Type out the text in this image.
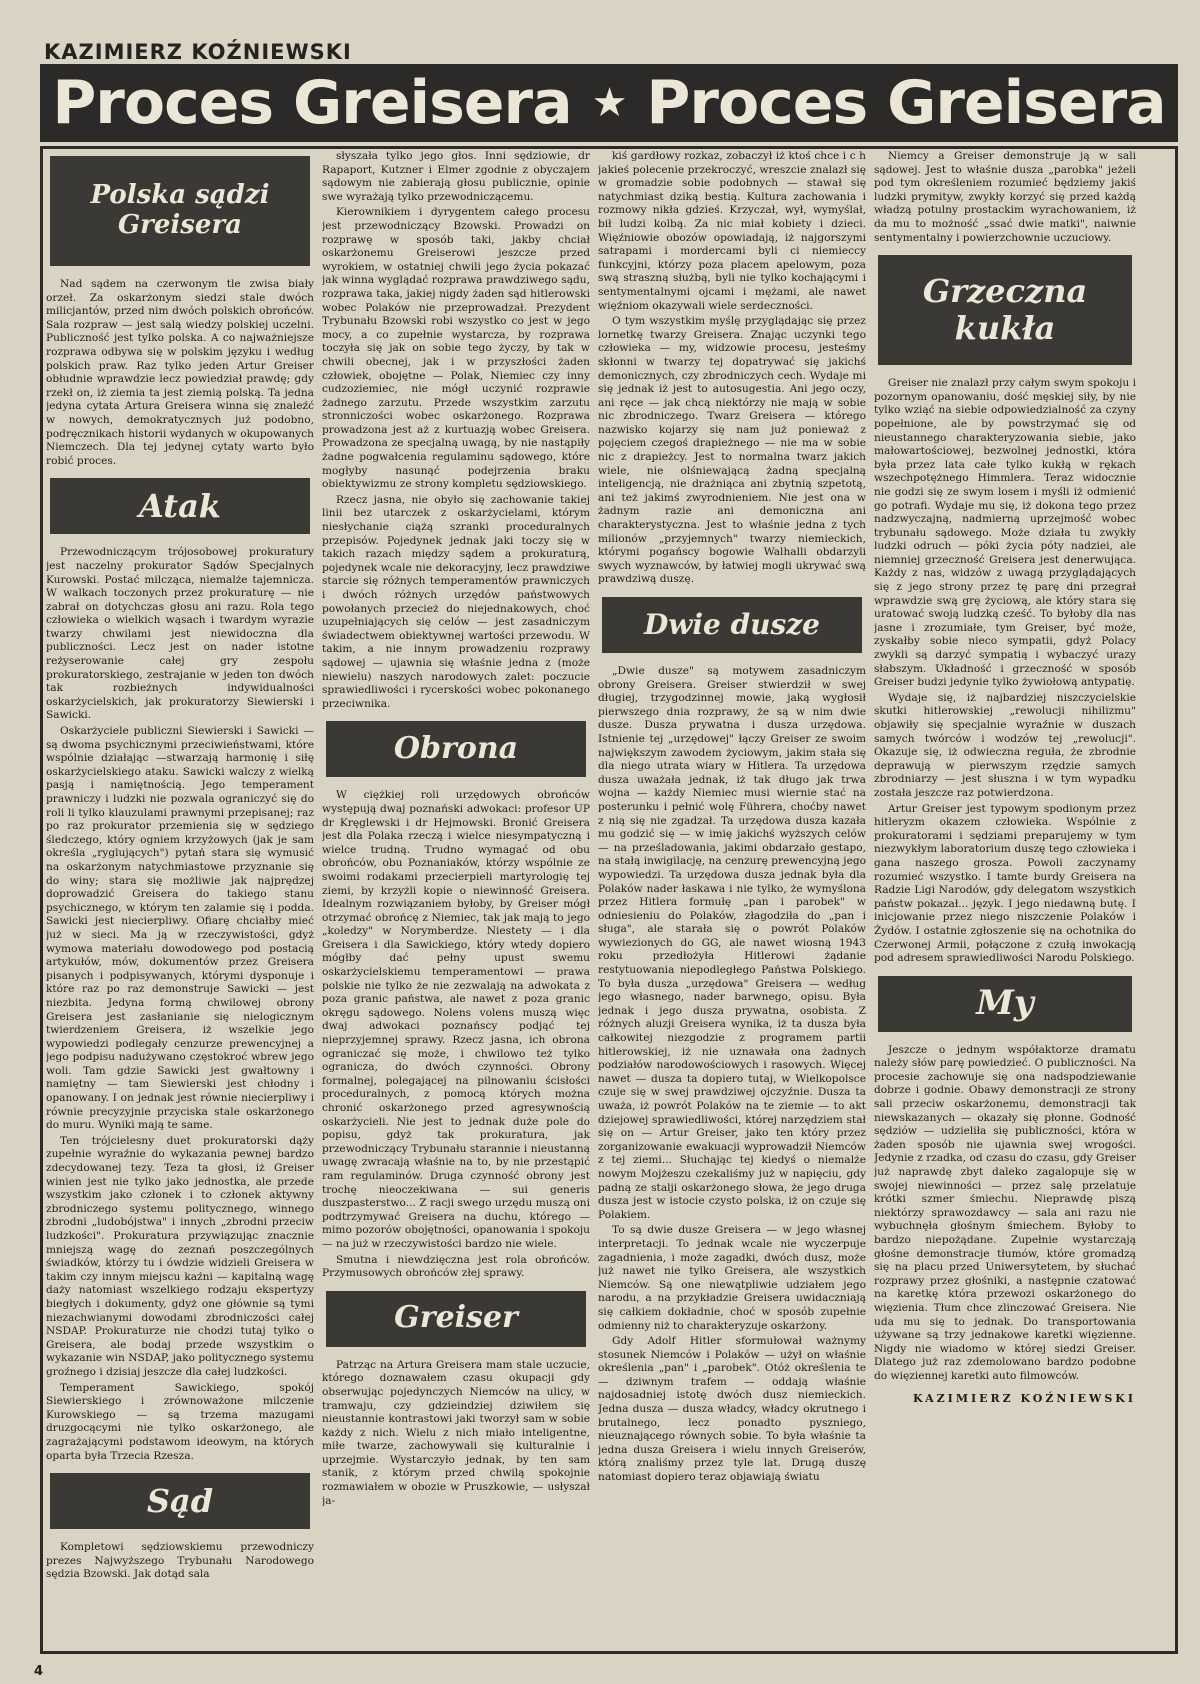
KAZIMIERZ KOŹNIEWSKI
Proces Greisera ★ Proces Greisera
Polska sądzi
Greisera

Nad sądem na czerwonym tle zwisa biały orzeł. Za oskarżonym siedzi stale dwóch milicjantów, przed nim dwóch polskich obrońców. Sala rozpraw — jest salą wiedzy polskiej uczelni. Publiczność jest tylko polska. A co najważniejsze rozprawa odbywa się w polskim języku i według polskich praw. Raz tylko jeden Artur Greiser obłudnie wprawdzie lecz powiedział prawdę; gdy rzekł on, iż ziemia ta jest ziemią polską. Ta jedna jedyna cytata Artura Greisera winna się znaleźć w nowych, demokratycznych już podobno, podręcznikach historii wydanych w okupowanych Niemczech. Dla tej jedynej cytaty warto było robić proces.

Atak

Przewodniczącym trójosobowej prokuratury jest naczelny prokurator Sądów Specjalnych Kurowski. Postać milcząca, niemalże tajemnicza. W walkach toczonych przez prokuraturę — nie zabrał on dotychczas głosu ani razu. Rola tego człowieka o wielkich wąsach i twardym wyrazie twarzy chwilami jest niewidoczna dla publiczności. Lecz jest on nader istotne reżyserowanie całej gry zespołu prokuratorskiego, zestrajanie w jeden ton dwóch tak rozbieżnych indywidualności oskarżycielskich, jak prokuratorzy Siewierski i Sawicki.

Oskarżyciele publiczni Siewierski i Sawicki — są dwoma psychicznymi przeciwieństwami, które wspólnie działając —stwarzają harmonię i siłę oskarżycielskiego ataku. Sawicki walczy z wielką pasją i namiętnością. Jego temperament prawniczy i ludzki nie pozwala ograniczyć się do roli li tylko klauzulami prawnymi przepisanej; raz po raz prokurator przemienia się w sędziego śledczego, który ogniem krzyżowych (jak je sam określa „ryglujących") pytań stara się wymusić na oskarżonym natychmiastowe przyznanie się do winy; stara się możliwie jak najprędzej doprowadzić Greisera do takiego stanu psychicznego, w którym ten zalamie się i podda. Sawicki jest niecierpliwy. Ofiarę chciałby mieć już w sieci. Ma ją w rzeczywistości, gdyż wymowa materiału dowodowego pod postacią artykułów, mów, dokumentów przez Greisera pisanych i podpisywanych, którymi dysponuje i które raz po raz demonstruje Sawicki — jest niezbita. Jedyna formą chwilowej obrony Greisera jest zasłanianie się nielogicznym twierdzeniem Greisera, iż wszelkie jego wypowiedzi podlegały cenzurze prewencyjnej a jego podpisu nadużywano częstokroć wbrew jego woli. Tam gdzie Sawicki jest gwałtowny i namiętny — tam Siewierski jest chłodny i opanowany. I on jednak jest równie niecierpliwy i równie precyzyjnie przyciska stale oskarżonego do muru. Wyniki mają te same.

Ten trójcielesny duet prokuratorski dąży zupełnie wyraźnie do wykazania pewnej bardzo zdecydowanej tezy. Teza ta głosi, iż Greiser winien jest nie tylko jako jednostka, ale przede wszystkim jako członek i to członek aktywny zbrodniczego systemu politycznego, winnego zbrodni „ludobójstwa" i innych „zbrodni przeciw ludzkości". Prokuratura przywiązując znacznie mniejszą wagę do zeznań poszczególnych świadków, którzy tu i ówdzie widzieli Greisera w takim czy innym miejscu kaźni — kapitalną wagę daży natomiast wszelkiego rodzaju ekspertyzy biegłych i dokumenty, gdyż one głównie są tymi niezachwianymi dowodami zbrodniczości całej NSDAP. Prokuraturze nie chodzi tutaj tylko o Greisera, ale bodaj przede wszystkim o wykazanie win NSDAP, jako politycznego systemu groźnego i dzisiaj jeszcze dla całej ludzkości.

Temperament Sawickiego, spokój Siewierskiego i zrównoważone milczenie Kurowskiego — są trzema mazugami druzgocącymi nie tylko oskarżonego, ale zagrażającymi podstawom ideowym, na których oparta była Trzecia Rzesza.

Sąd

Kompletowi sędziowskiemu przewodniczy prezes Najwyższego Trybunału Narodowego sędzia Bzowski. Jak dotąd sala

słyszała tylko jego głos. Inni sędziowie, dr Rapaport, Kutzner i Elmer zgodnie z obyczajem sądowym nie zabierają głosu publicznie, opinie swe wyrażają tylko przewodniczącemu.

Kierownikiem i dyrygentem całego procesu jest przewodniczący Bzowski. Prowadzi on rozprawę w sposób taki, jakby chciał oskarżonemu Greiserowi jeszcze przed wyrokiem, w ostatniej chwili jego życia pokazać jak winna wyglądać rozprawa prawdziwego sądu, rozprawa taka, jakiej nigdy żaden sąd hitlerowski wobec Polaków nie przeprowadzał. Prezydent Trybunału Bzowski robi wszystko co jest w jego mocy, a co zupełnie wystarcza, by rozprawa toczyła się jak on sobie tego życzy, by tak w chwili obecnej, jak i w przyszłości żaden człowiek, obojętne — Polak, Niemiec czy inny cudzoziemiec, nie mógł uczynić rozprawie żadnego zarzutu. Przede wszystkim zarzutu stronniczości wobec oskarżonego. Rozprawa prowadzona jest aż z kurtuazją wobec Greisera. Prowadzona ze specjalną uwagą, by nie nastąpiły żadne pogwałcenia regulaminu sądowego, które mogłyby nasunąć podejrzenia braku obiektywizmu ze strony kompletu sędziowskiego.

Rzecz jasna, nie obyło się zachowanie takiej linii bez utarczek z oskarżycielami, którym niesłychanie ciążą szranki proceduralnych przepisów. Pojedynek jednak jaki toczy się w takich razach między sądem a prokuraturą, pojedynek wcale nie dekoracyjny, lecz prawdziwe starcie się różnych temperamentów prawniczych i dwóch różnych urzędów państwowych powołanych przecież do niejednakowych, choć uzupełniających się celów — jest zasadniczym świadectwem obiektywnej wartości przewodu. W takim, a nie innym prowadzeniu rozprawy sądowej — ujawnia się właśnie jedna z (może niewielu) naszych narodowych zalet: poczucie sprawiedliwości i rycerskości wobec pokonanego przeciwnika.

Obrona

W ciężkiej roli urzędowych obrońców występują dwaj poznański adwokaci: profesor UP dr Kręglewski i dr Hejmowski. Bronić Greisera jest dla Polaka rzeczą i wielce niesympatyczną i wielce trudną. Trudno wymagać od obu obrońców, obu Poznaniaków, którzy wspólnie ze swoimi rodakami przecierpieli martyrologię tej ziemi, by krzyżli kopie o niewinność Greisera. Idealnym rozwiązaniem byłoby, by Greiser mógł otrzymać obrońcę z Niemiec, tak jak mają to jego „koledzy" w Norymberdze. Niestety — i dla Greisera i dla Sawickiego, który wtedy dopiero mógłby dać pełny upust swemu oskarżycielskiemu temperamentowi — prawa polskie nie tylko że nie zezwalają na adwokata z poza granic państwa, ale nawet z poza granic okręgu sądowego. Nolens volens muszą więc dwaj adwokaci poznańscy podjąć tej nieprzyjemnej sprawy. Rzecz jasna, ich obrona ograniczać się może, i chwilowo też tylko ogranicza, do dwóch czynności. Obrony formalnej, polegającej na pilnowaniu ścisłości proceduralnych, z pomocą których można chronić oskarżonego przed agresywnością oskarżycieli. Nie jest to jednak duże pole do popisu, gdyż tak prokuratura, jak przewodniczący Trybunału starannie i nieustanną uwagę zwracają właśnie na to, by nie przestąpić ram regulaminów. Druga czynność obrony jest trochę nieoczekiwana — sui generis duszpasterstwo... Z racji swego urzędu muszą oni podtrzymywać Greisera na duchu, którego — mimo pozorów obojętności, opanowania i spokoju — na już w rzeczywistości bardzo nie wiele.

Smutna i niewdzięczna jest rola obrońców. Przymusowych obrońców złej sprawy.

Greiser

Patrząc na Artura Greisera mam stale uczucie, którego doznawałem czasu okupacji gdy obserwując pojedynczych Niemców na ulicy, w tramwaju, czy gdzieindziej dziwiłem się nieustannie kontrastowi jaki tworzył sam w sobie każdy z nich. Wielu z nich miało inteligentne, miłe twarze, zachowywali się kulturalnie i uprzejmie. Wystarczyło jednak, by ten sam stanik, z którym przed chwilą spokojnie rozmawiałem w obozie w Pruszkowie, — usłyszał ja-

kiś gardłowy rozkaz, zobaczył iż ktoś chce i c h jakieś polecenie przekroczyć, wreszcie znalazł się w gromadzie sobie podobnych — stawał się natychmiast dziką bestią. Kultura zachowania i rozmowy nikła gdzieś. Krzyczał, wył, wymyślał, bił ludzi kolbą. Za nic miał kobiety i dzieci. Więźniowie obozów opowiadają, iż najgorszymi satrapami i mordercami byli ci niemieccy funkcyjni, którzy poza placem apelowym, poza swą straszną służbą, byli nie tylko kochającymi i sentymentalnymi ojcami i mężami, ale nawet więźniom okazywali wiele serdeczności.

O tym wszystkim myślę przyglądając się przez lornetkę twarzy Greisera. Znając uczynki tego człowieka — my, widzowie procesu, jesteśmy skłonni w twarzy tej dopatrywać się jakichś demonicznych, czy zbrodniczych cech. Wydaje mi się jednak iż jest to autosugestia. Ani jego oczy, ani ręce — jak chcą niektórzy nie mają w sobie nic zbrodniczego. Twarz Greisera — którego nazwisko kojarzy się nam już ponieważ z pojęciem czegoś drapieżnego — nie ma w sobie nic z drapieżcy. Jest to normalna twarz jakich wiele, nie olśniewającą żadną specjalną inteligencją, nie drażniąca ani zbytnią szpetotą, ani też jakimś zwyrodnieniem. Nie jest ona w żadnym razie ani demoniczna ani charakterystyczna. Jest to właśnie jedna z tych milionów „przyjemnych" twarzy niemieckich, którymi pogańscy bogowie Walhalli obdarzyli swych wyznawców, by łatwiej mogli ukrywać swą prawdziwą duszę.

Dwie dusze

„Dwie dusze" są motywem zasadniczym obrony Greisera. Greiser stwierdził w swej długiej, trzygodzinnej mowie, jaką wygłosił pierwszego dnia rozprawy, że są w nim dwie dusze. Dusza prywatna i dusza urzędowa. Istnienie tej „urzędowej" łączy Greiser ze swoim największym zawodem życiowym, jakim stała się dla niego utrata wiary w Hitlera. Ta urzędowa dusza uważała jednak, iż tak długo jak trwa wojna — każdy Niemiec musi wiernie stać na posterunku i pełnić wolę Führera, choćby nawet z nią się nie zgadzał. Ta urzędowa dusza kazała mu godzić się — w imię jakichś wyższych celów — na prześladowania, jakimi obdarzało gestapo, na stałą inwigilację, na cenzurę prewencyjną jego wypowiedzi. Ta urzędowa dusza jednak była dla Polaków nader łaskawa i nie tylko, że wymyślona przez Hitlera formułę „pan i parobek" w odniesieniu do Polaków, złagodziła do „pan i sługa", ale starała się o powrót Polaków wywiezionych do GG, ale nawet wiosną 1943 roku przedłożyła Hitlerowi żądanie restytuowania niepodległego Państwa Polskiego. To była dusza „urzędowa" Greisera — według jego własnego, nader barwnego, opisu. Była jednak i jego dusza prywatna, osobista. Z różnych aluzji Greisera wynika, iż ta dusza była całkowitej niezgodzie z programem partii hitlerowskiej, iż nie uznawała ona żadnych podziałów narodowościowych i rasowych. Więcej nawet — dusza ta dopiero tutaj, w Wielkopolsce czuje się w swej prawdziwej ojczyźnie. Dusza ta uważa, iż powrót Polaków na te ziemie — to akt dziejowej sprawiedliwości, której narzędziem stał się on — Artur Greiser, jako ten który przez zorganizowanie ewakuacji wyprowadził Niemców z tej ziemi... Słuchając tej kiedyś o niemalże nowym Mojżeszu czekaliśmy już w napięciu, gdy padną ze stalji oskarżonego słowa, że jego druga dusza jest w istocie czysto polska, iż on czuje się Polakiem.

To są dwie dusze Greisera — w jego własnej interpretacji. To jednak wcale nie wyczerpuje zagadnienia, i może zagadki, dwóch dusz, może już nawet nie tylko Greisera, ale wszystkich Niemców. Są one niewątpliwie udziałem jego narodu, a na przykładzie Greisera uwidaczniają się całkiem dokładnie, choć w sposób zupełnie odmienny niż to charakteryzuje oskarżony.

Gdy Adolf Hitler sformułował ważnymy stosunek Niemców i Polaków — użył on właśnie określenia „pan" i „parobek". Otóż określenia te — dziwnym trafem — oddają właśnie najdosadniej istotę dwóch dusz niemieckich. Jedna dusza — dusza władcy, władcy okrutnego i brutalnego, lecz ponadto pyszniego, nieuznającego równych sobie. To była właśnie ta jedna dusza Greisera i wielu innych Greiserów, którą znaliśmy przez tyle lat. Drugą duszę natomiast dopiero teraz objawiają światu

Niemcy a Greiser demonstruje ją w sali sądowej. Jest to właśnie dusza „parobka" jeżeli pod tym określeniem rozumieć będziemy jakiś ludzki prymityw, zwykły korzyć się przed każdą władzą potulny prostackim wyrachowaniem, iż da mu to możność „ssać dwie matki", naiwnie sentymentalny i powierzchownie uczuciowy.

Grzeczna
kukła

Greiser nie znalazł przy całym swym spokoju i pozornym opanowaniu, dość męskiej siły, by nie tylko wziąć na siebie odpowiedzialność za czyny popełnione, ale by powstrzymać się od nieustannego charakteryzowania siebie, jako małowartościowej, bezwolnej jednostki, która była przez lata całe tylko kukłą w rękach wszechpotężnego Himmlera. Teraz widocznie nie godzi się ze swym losem i myśli iż odmienić go potrafi. Wydaje mu się, iż dokona tego przez nadzwyczajną, nadmierną uprzejmość wobec trybunału sądowego. Może działa tu zwykły ludzki odruch — póki życia póty nadziei, ale niemniej grzeczność Greisera jest denerwująca. Każdy z nas, widzów z uwagą przyglądających się z jego strony przez tę parę dni przegrał wprawdzie swą grę życiową, ale który stara się uratować swoją ludzką cześć. To byłoby dla nas jasne i zrozumiałe, tym Greiser, być może, zyskałby sobie nieco sympatii, gdyż Polacy zwykli są darzyć sympatią i wybaczyć urazy słabszym. Układność i grzeczność w sposób Greiser budzi jedynie tylko żywiołową antypatię.

Wydaje się, iż najbardziej niszczycielskie skutki hitlerowskiej „rewolucji nihilizmu" objawiły się specjalnie wyraźnie w duszach samych twórców i wodzów tej „rewolucji". Okazuje się, iż odwieczna reguła, że zbrodnie deprawują w pierwszym rzędzie samych zbrodniarzy — jest słuszna i w tym wypadku została jeszcze raz potwierdzona.

Artur Greiser jest typowym spodionym przez hitleryzm okazem człowieka. Wspólnie z prokuratorami i sędziami preparujemy w tym niezwykłym laboratorium duszę tego człowieka i gana naszego grosza. Powoli zaczynamy rozumieć wszystko. I tamte burdy Greisera na Radzie Ligi Narodów, gdy delegatom wszystkich państw pokazał... język. I jego niedawną butę. I inicjowanie przez niego niszczenie Polaków i Żydów. I ostatnie zgłoszenie się na ochotnika do Czerwonej Armii, połączone z czułą inwokacją pod adresem sprawiedliwości Narodu Polskiego.

My

Jeszcze o jednym współaktorze dramatu należy słów parę powiedzieć. O publiczności. Na procesie zachowuje się ona nadspodziewanie dobrze i godnie. Obawy demonstracji ze strony sali przeciw oskarżonemu, demonstracji tak niewskazanych — okazały się płonne. Godność sędziów — udzieliła się publiczności, która w żaden sposób nie ujawnia swej wrogości. Jedynie z rzadka, od czasu do czasu, gdy Greiser już naprawdę zbyt daleko zagalopuje się w swojej niewinności — przez salę przelatuje krótki szmer śmiechu. Nieprawdę piszą niektórzy sprawozdawcy — sala ani razu nie wybuchnęła głośnym śmiechem. Byłoby to bardzo niepożądane. Zupełnie wystarczają głośne demonstracje tłumów, które gromadzą się na placu przed Uniwersytetem, by słuchać rozprawy przez głośniki, a następnie czatować na karetkę która przewozi oskarżonego do więzienia. Tłum chce zlinczować Greisera. Nie uda mu się to jednak. Do transportowania używane są trzy jednakowe karetki więzienne. Nigdy nie wiadomo w której siedzi Greiser. Dlatego już raz zdemolowano bardzo podobne do więziennej karetki auto filmowców.

KAZIMIERZ KOŹNIEWSKI
4
